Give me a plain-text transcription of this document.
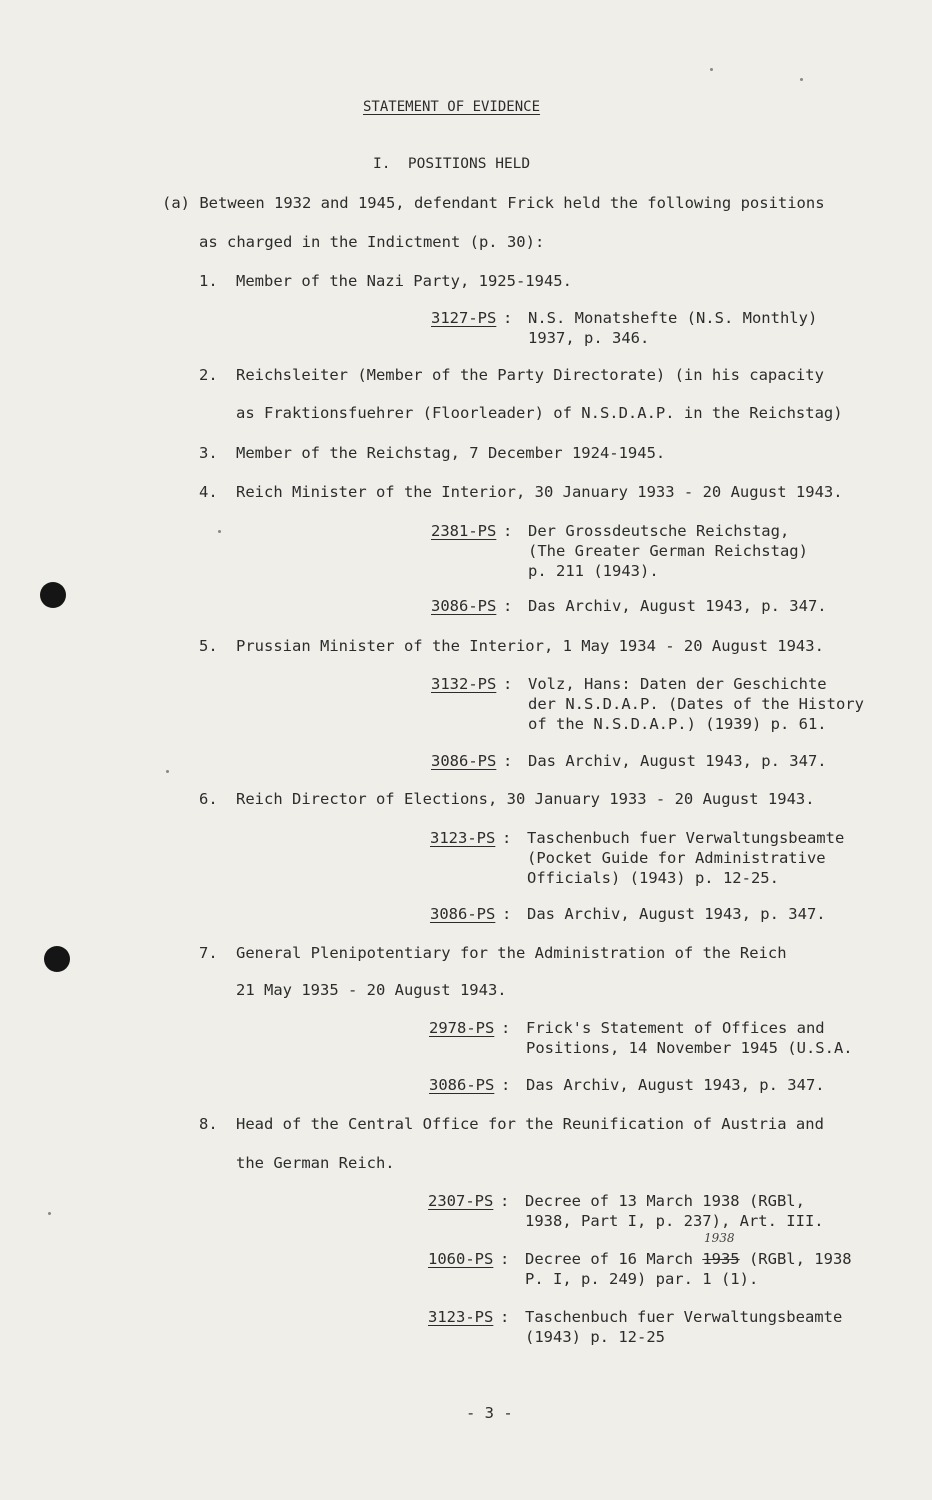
STATEMENT OF EVIDENCE
I.  POSITIONS HELD
(a) Between 1932 and 1945, defendant Frick held the following positions
as charged in the Indictment (p. 30):
1. Member of the Nazi Party, 1925-1945.
3127-PS : N.S. Monatshefte (N.S. Monthly)
1937, p. 346.
2. Reichsleiter (Member of the Party Directorate) (in his capacity
as Fraktionsfuehrer (Floorleader) of N.S.D.A.P. in the Reichstag)
3. Member of the Reichstag, 7 December 1924-1945.
4. Reich Minister of the Interior, 30 January 1933 - 20 August 1943.
2381-PS : Der Grossdeutsche Reichstag,
(The Greater German Reichstag)
p. 211 (1943).
3086-PS : Das Archiv, August 1943, p. 347.
5. Prussian Minister of the Interior, 1 May 1934 - 20 August 1943.
3132-PS : Volz, Hans: Daten der Geschichte
der N.S.D.A.P. (Dates of the History
of the N.S.D.A.P.) (1939) p. 61.
3086-PS : Das Archiv, August 1943, p. 347.
6. Reich Director of Elections, 30 January 1933 - 20 August 1943.
3123-PS : Taschenbuch fuer Verwaltungsbeamte
(Pocket Guide for Administrative
Officials) (1943) p. 12-25.
3086-PS : Das Archiv, August 1943, p. 347.
7. General Plenipotentiary for the Administration of the Reich
21 May 1935 - 20 August 1943.
2978-PS : Frick's Statement of Offices and
Positions, 14 November 1945 (U.S.A.
3086-PS : Das Archiv, August 1943, p. 347.
8. Head of the Central Office for the Reunification of Austria and
the German Reich.
2307-PS : Decree of 13 March 1938 (RGBl,
1938, Part I, p. 237), Art. III.
1938
1060-PS : Decree of 16 March 1935 (RGBl, 1938
P. I, p. 249) par. 1 (1).
3123-PS : Taschenbuch fuer Verwaltungsbeamte
(1943) p. 12-25
- 3 -
